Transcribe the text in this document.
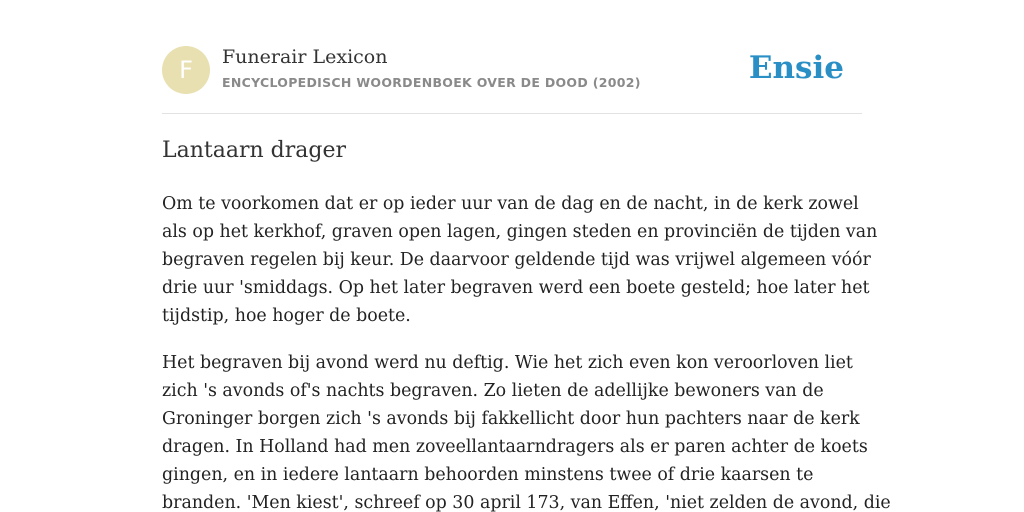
F	Funerair Lexicon
ENCYCLOPEDISCH WOORDENBOEK OVER DE DOOD (2002)	Ensie
Lantaarn drager

Om te voorkomen dat er op ieder uur van de dag en de nacht, in de kerk zowel
als op het kerkhof, graven open lagen, gingen steden en provinciën de tijden van
begraven regelen bij keur. De daarvoor geldende tijd was vrijwel algemeen vóór
drie uur 'smiddags. Op het later begraven werd een boete gesteld; hoe later het
tijdstip, hoe hoger de boete.

Het begraven bij avond werd nu deftig. Wie het zich even kon veroorloven liet
zich 's avonds of's nachts begraven. Zo lieten de adellijke bewoners van de
Groninger borgen zich 's avonds bij fakkellicht door hun pachters naar de kerk
dragen. In Holland had men zoveellantaarndragers als er paren achter de koets
gingen, en in iedere lantaarn behoorden minstens twee of drie kaarsen te
branden. 'Men kiest', schreef op 30 april 173, van Effen, 'niet zelden de avond, die
